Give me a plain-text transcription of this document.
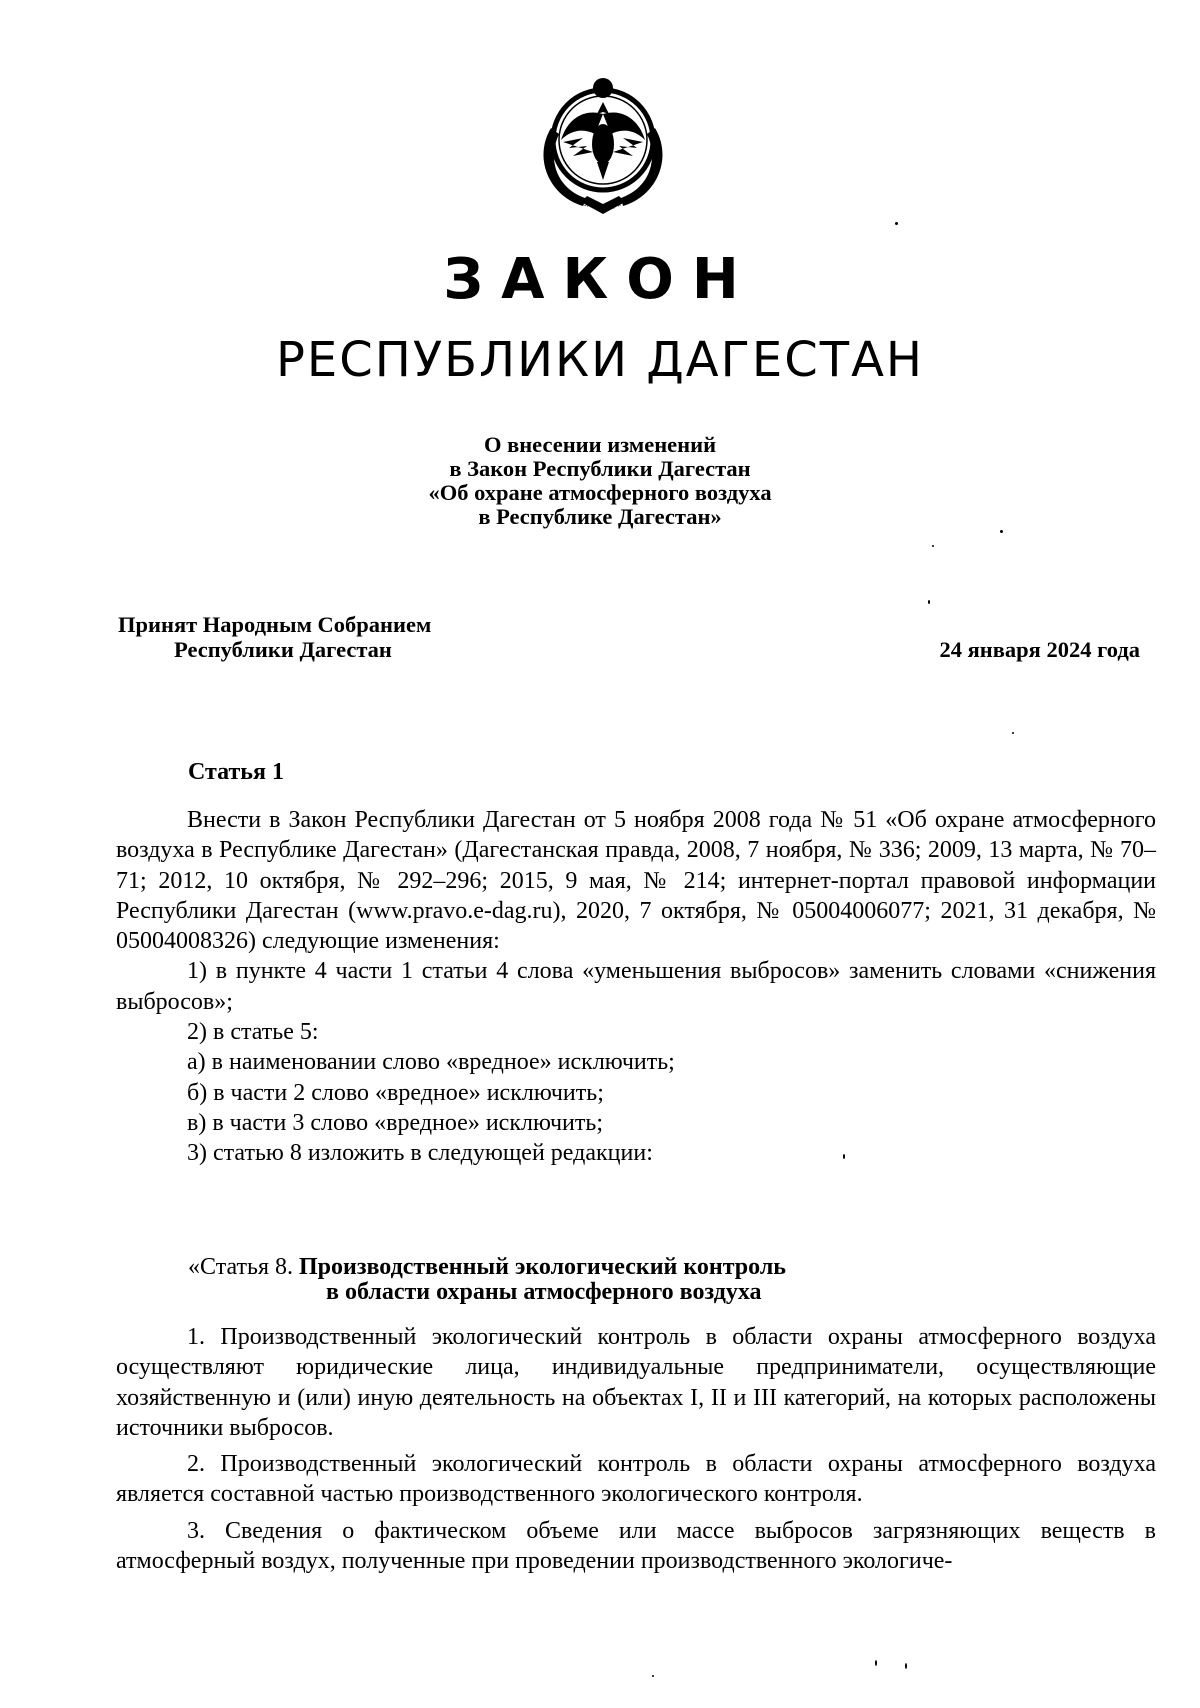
РЕСПУБЛИКА ДАГЕСТАН
ЗАКОН
РЕСПУБЛИКИ ДАГЕСТАН
О внесении изменений
в Закон Республики Дагестан
«Об охране атмосферного воздуха
в Республике Дагестан»
Принят Народным Собранием
Республики Дагестан	24 января 2024 года
Статья 1

Внести в Закон Республики Дагестан от 5 ноября 2008 года № 51 «Об охране атмосферного воздуха в Республике Дагестан» (Дагестанская правда, 2008, 7 ноября, № 336; 2009, 13 марта, № 70–71; 2012, 10 октября, № 292–296; 2015, 9 мая, № 214; интернет-портал правовой информации Республики Дагестан (www.pravo.e-dag.ru), 2020, 7 октября, № 05004006077; 2021, 31 декабря, № 05004008326) следующие изменения:

1) в пункте 4 части 1 статьи 4 слова «уменьшения выбросов» заменить словами «снижения выбросов»;

2) в статье 5:

а) в наименовании слово «вредное» исключить;

б) в части 2 слово «вредное» исключить;

в) в части 3 слово «вредное» исключить;

3) статью 8 изложить в следующей редакции:

«Статья 8. Производственный экологический контроль
в области охраны атмосферного воздуха

1. Производственный экологический контроль в области охраны атмосферного воздуха осуществляют юридические лица, индивидуальные предприниматели, осуществляющие хозяйственную и (или) иную деятельность на объектах I, II и III категорий, на которых расположены источники выбросов.

2. Производственный экологический контроль в области охраны атмосферного воздуха является составной частью производственного экологического контроля.

3. Сведения о фактическом объеме или массе выбросов загрязняющих веществ в атмосферный воздух, полученные при проведении производственного экологиче-
